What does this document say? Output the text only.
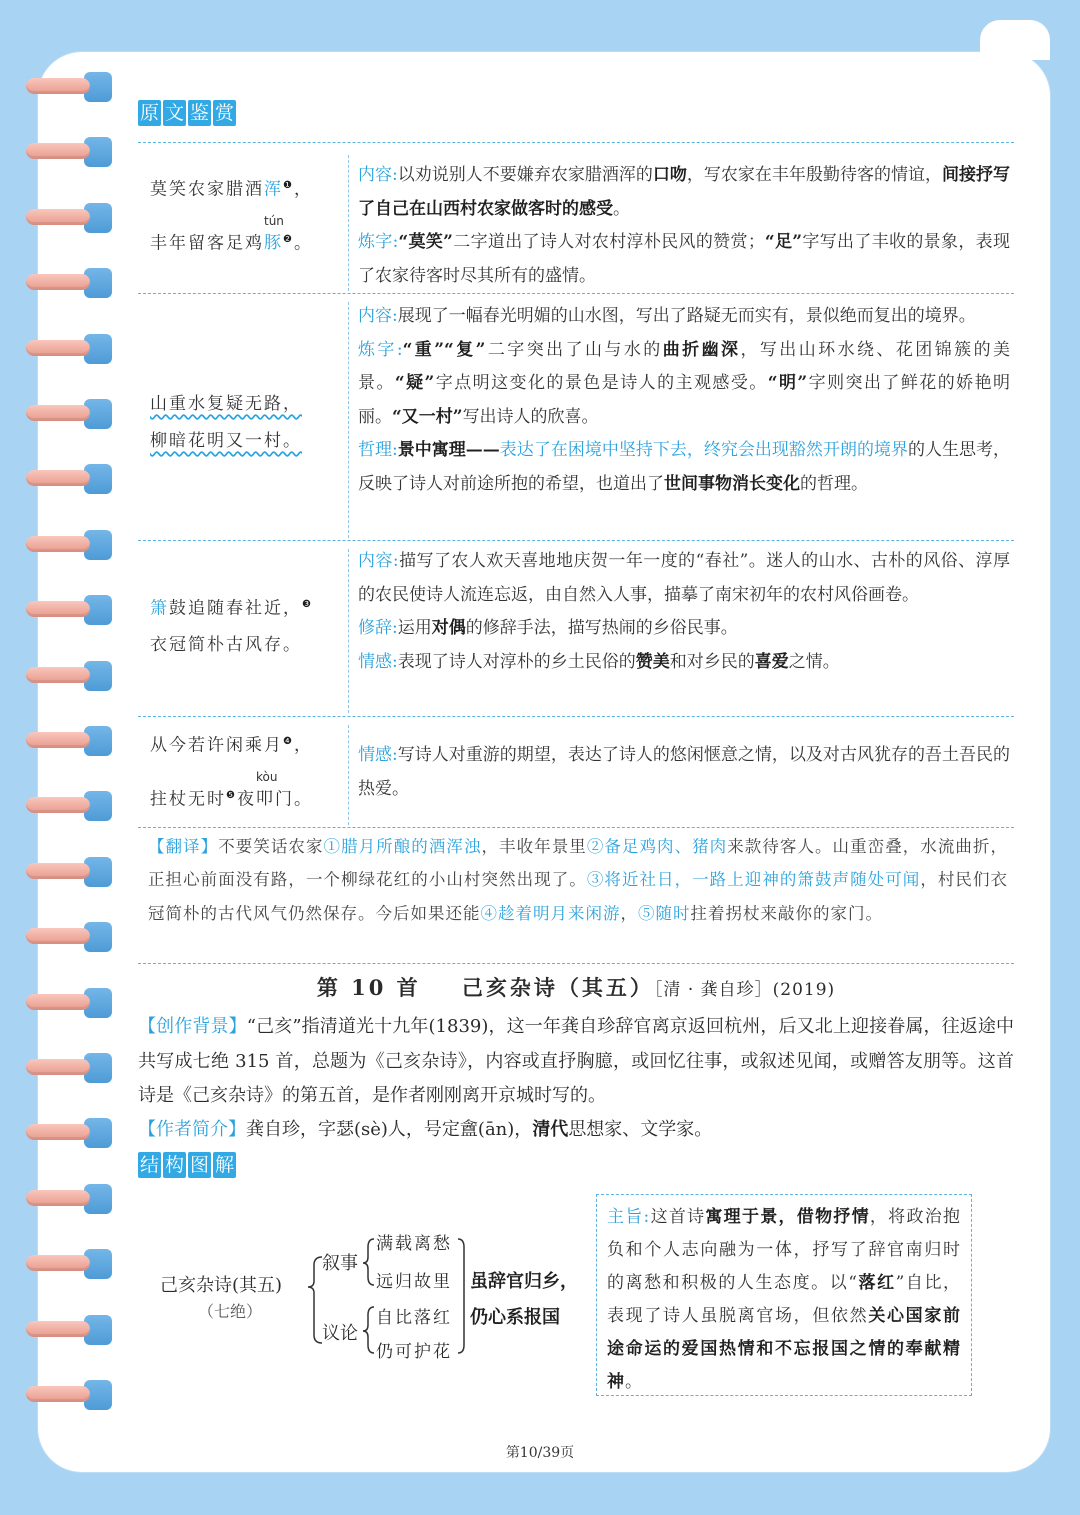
原 文 鉴 赏
莫笑农家腊酒浑$^❶$，
丰年留客足鸡
tún
豚$^❷$。
内容:以劝说别人不要嫌弃农家腊酒浑的口吻，写农家在丰年殷勤待客的情谊，间接抒写了自己在山西村农家做客时的感受。
炼字:“莫笑”二字道出了诗人对农村淳朴民风的赞赏；“足”字写出了丰收的景象，表现了农家待客时尽其所有的盛情。
山重水复疑无路，
柳暗花明又一村。
内容:展现了一幅春光明媚的山水图，写出了路疑无而实有，景似绝而复出的境界。
炼字:“重”“复”二字突出了山与水的曲折幽深，写出山环水绕、花团锦簇的美景。“疑”字点明这变化的景色是诗人的主观感受。“明”字则突出了鲜花的娇艳明丽。“又一村”写出诗人的欣喜。
哲理:景中寓理——表达了在困境中坚持下去，终究会出现豁然开朗的境界的人生思考，反映了诗人对前途所抱的希望，也道出了世间事物消长变化的哲理。
箫鼓追随春社近，$^❸$
衣冠简朴古风存。
内容:描写了农人欢天喜地地庆贺一年一度的“春社”。迷人的山水、古朴的风俗、淳厚的农民使诗人流连忘返，由自然入人事，描摹了南宋初年的农村风俗画卷。
修辞:运用对偶的修辞手法，描写热闹的乡俗民事。
情感:表现了诗人对淳朴的乡土民俗的赞美和对乡民的喜爱之情。
从今若许闲乘月$^❹$，
拄杖无时$^❺$夜
kòu
叩门。
情感:写诗人对重游的期望，表达了诗人的悠闲惬意之情，以及对古风犹存的吾土吾民的热爱。
【翻译】不要笑话农家①腊月所酿的酒浑浊，丰收年景里②备足鸡肉、猪肉来款待客人。山重峦叠，水流曲折，正担心前面没有路，一个柳绿花红的小山村突然出现了。③将近社日，一路上迎神的箫鼓声随处可闻，村民们衣冠简朴的古代风气仍然保存。今后如果还能④趁着明月来闲游，⑤随时拄着拐杖来敲你的家门。
第 10 首 己亥杂诗（其五）［清 · 龚自珍］(2019)
【创作背景】“己亥”指清道光十九年(1839)，这一年龚自珍辞官离京返回杭州，后又北上迎接眷属，往返途中共写成七绝 315 首，总题为《己亥杂诗》，内容或直抒胸臆，或回忆往事，或叙述见闻，或赠答友朋等。这首诗是《己亥杂诗》的第五首，是作者刚刚离开京城时写的。
【作者简介】龚自珍，字瑟(sè)人，号定盦(ān)，清代思想家、文学家。
结 构 图 解
己亥杂诗(其五)
（七绝）
叙事
议论
满载离愁
远归故里
自比落红
仍可护花
虽辞官归乡，
仍心系报国
主旨:这首诗寓理于景，借物抒情，将政治抱负和个人志向融为一体，抒写了辞官南归时的离愁和积极的人生态度。以“落红”自比，表现了诗人虽脱离官场，但依然关心国家前途命运的爱国热情和不忘报国之情的奉献精神。
第10/39页
